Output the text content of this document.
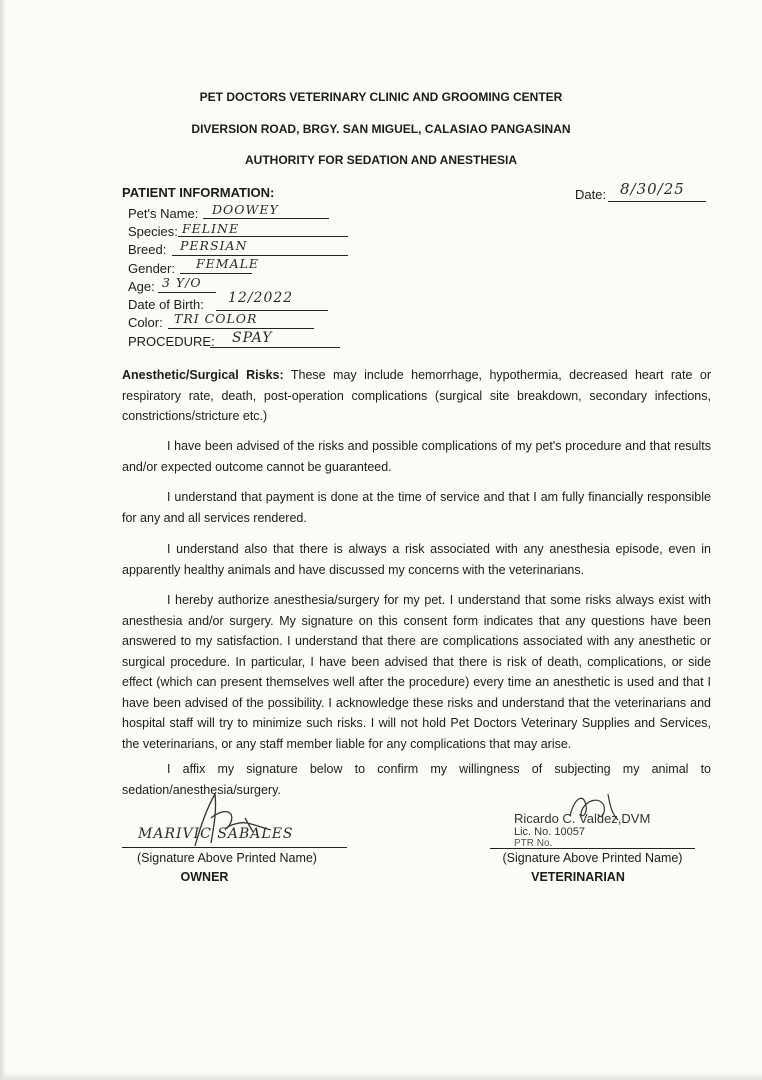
PET DOCTORS VETERINARY CLINIC AND GROOMING CENTER
DIVERSION ROAD, BRGY. SAN MIGUEL, CALASIAO PANGASINAN
AUTHORITY FOR SEDATION AND ANESTHESIA
PATIENT INFORMATION:	Date: 8/30/25
Pet's Name: DOOWEY
Species: FELINE
Breed: PERSIAN
Gender: FEMALE
Age: 3 Y/O
Date of Birth: 12/2022
Color: TRI COLOR
PROCEDURE: SPAY
Anesthetic/Surgical Risks: These may include hemorrhage, hypothermia, decreased heart rate or respiratory rate, death, post-operation complications (surgical site breakdown, secondary infections, constrictions/stricture etc.)
I have been advised of the risks and possible complications of my pet's procedure and that results and/or expected outcome cannot be guaranteed.
I understand that payment is done at the time of service and that I am fully financially responsible for any and all services rendered.
I understand also that there is always a risk associated with any anesthesia episode, even in apparently healthy animals and have discussed my concerns with the veterinarians.
I hereby authorize anesthesia/surgery for my pet. I understand that some risks always exist with anesthesia and/or surgery. My signature on this consent form indicates that any questions have been answered to my satisfaction. I understand that there are complications associated with any anesthetic or surgical procedure. In particular, I have been advised that there is risk of death, complications, or side effect (which can present themselves well after the procedure) every time an anesthetic is used and that I have been advised of the possibility. I acknowledge these risks and understand that the veterinarians and hospital staff will try to minimize such risks. I will not hold Pet Doctors Veterinary Supplies and Services, the veterinarians, or any staff member liable for any complications that may arise.
I affix my signature below to confirm my willingness of subjecting my animal to sedation/anesthesia/surgery.
MARIVIC SABALES
(Signature Above Printed Name)
OWNER
Ricardo C. Valdez,DVM
Lic. No. 10057
PTR No.
(Signature Above Printed Name)
VETERINARIAN
